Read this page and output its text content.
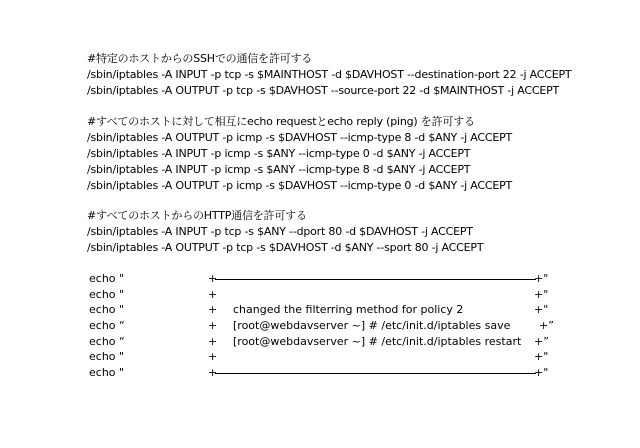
#特定のホストからのSSHでの通信を許可する
/sbin/iptables -A INPUT -p tcp -s $MAINTHOST -d $DAVHOST --destination-port 22 -j ACCEPT
/sbin/iptables -A OUTPUT -p tcp -s $DAVHOST --source-port 22 -d $MAINTHOST -j ACCEPT
#すべてのホストに対して相互にecho requestとecho reply (ping) を許可する
/sbin/iptables -A OUTPUT -p icmp -s $DAVHOST --icmp-type 8 -d $ANY -j ACCEPT
/sbin/iptables -A INPUT -p icmp -s $ANY --icmp-type 0 -d $ANY -j ACCEPT
/sbin/iptables -A INPUT -p icmp -s $ANY --icmp-type 8 -d $ANY -j ACCEPT
/sbin/iptables -A OUTPUT -p icmp -s $DAVHOST --icmp-type 0 -d $ANY -j ACCEPT
#すべてのホストからのHTTP通信を許可する
/sbin/iptables -A INPUT -p tcp -s $ANY --dport 80 -d $DAVHOST -j ACCEPT
/sbin/iptables -A OUTPUT -p tcp -s $DAVHOST -d $ANY --sport 80 -j ACCEPT
echo "	+	+"
echo "	+	+"
echo "	+ changed the filterring method for policy 2	+"
echo “	+ [root@webdavserver ~] # /etc/init.d/iptables save	+”
echo “	+ [root@webdavserver ~] # /etc/init.d/iptables restart +”
echo "	+	+"
echo "	+	+"
